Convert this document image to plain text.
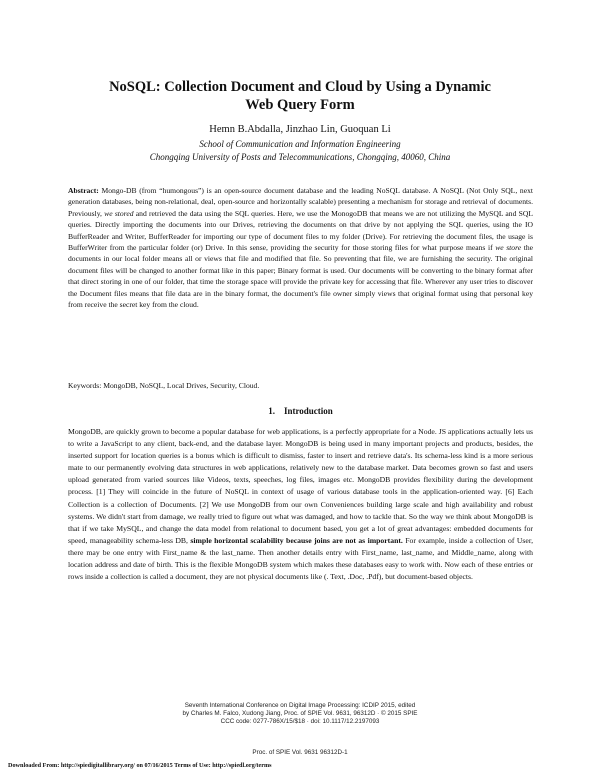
NoSQL: Collection Document and Cloud by Using a Dynamic
Web Query Form
Hemn B.Abdalla, Jinzhao Lin, Guoquan Li
School of Communication and Information Engineering
Chongqing University of Posts and Telecommunications, Chongqing, 40060, China

Abstract: Mongo-DB (from “humongous”) is an open-source document database and the leading NoSQL database. A NoSQL (Not Only SQL, next generation databases, being non-relational, deal, open-source and horizontally scalable) presenting a mechanism for storage and retrieval of documents. Previously, we stored and retrieved the data using the SQL queries. Here, we use the MonogoDB that means we are not utilizing the MySQL and SQL queries. Directly importing the documents into our Drives, retrieving the documents on that drive by not applying the SQL queries, using the IO BufferReader and Writer, BufferReader for importing our type of document files to my folder (Drive). For retrieving the document files, the usage is BufferWriter from the particular folder (or) Drive. In this sense, providing the security for those storing files for what purpose means if we store the documents in our local folder means all or views that file and modified that file. So preventing that file, we are furnishing the security. The original document files will be changed to another format like in this paper; Binary format is used. Our documents will be converting to the binary format after that direct storing in one of our folder, that time the storage space will provide the private key for accessing that file. Wherever any user tries to discover the Document files means that file data are in the binary format, the document's file owner simply views that original format using that personal key from receive the secret key from the cloud.

Keywords: MongoDB, NoSQL, Local Drives, Security, Cloud.

1. Introduction

MongoDB, are quickly grown to become a popular database for web applications, is a perfectly appropriate for a Node. JS applications actually lets us to write a JavaScript to any client, back-end, and the database layer. MongoDB is being used in many important projects and products, besides, the inserted support for location queries is a bonus which is difficult to dismiss, faster to insert and retrieve data's. Its schema-less kind is a more serious mate to our permanently evolving data structures in web applications, relatively new to the database market. Data becomes grown so fast and users upload generated from varied sources like Videos, texts, speeches, log files, images etc. MongoDB provides flexibility during the development process. [1] They will coincide in the future of NoSQL in context of usage of various database tools in the application-oriented way. [6] Each Collection is a collection of Documents. [2] We use MongoDB from our own Conveniences building large scale and high availability and robust systems. We didn't start from damage, we really tried to figure out what was damaged, and how to tackle that. So the way we think about MongoDB is that if we take MySQL, and change the data model from relational to document based, you get a lot of great advantages: embedded documents for speed, manageability schema-less DB, simple horizontal scalability because joins are not as important. For example, inside a collection of User, there may be one entry with First_name & the last_name. Then another details entry with First_name, last_name, and Middle_name, along with location address and date of birth. This is the flexible MongoDB system which makes these databases easy to work with. Now each of these entries or rows inside a collection is called a document, they are not physical documents like (. Text, .Doc, .Pdf), but document-based objects.

Seventh International Conference on Digital Image Processing: ICDIP 2015, edited
by Charles M. Falco, Xudong Jiang, Proc. of SPIE Vol. 9631, 96312D · © 2015 SPIE
CCC code: 0277-786X/15/$18 · doi: 10.1117/12.2197093
Proc. of SPIE Vol. 9631 96312D-1
Downloaded From: http://spiedigitallibrary.org/ on 07/16/2015 Terms of Use: http://spiedl.org/terms
